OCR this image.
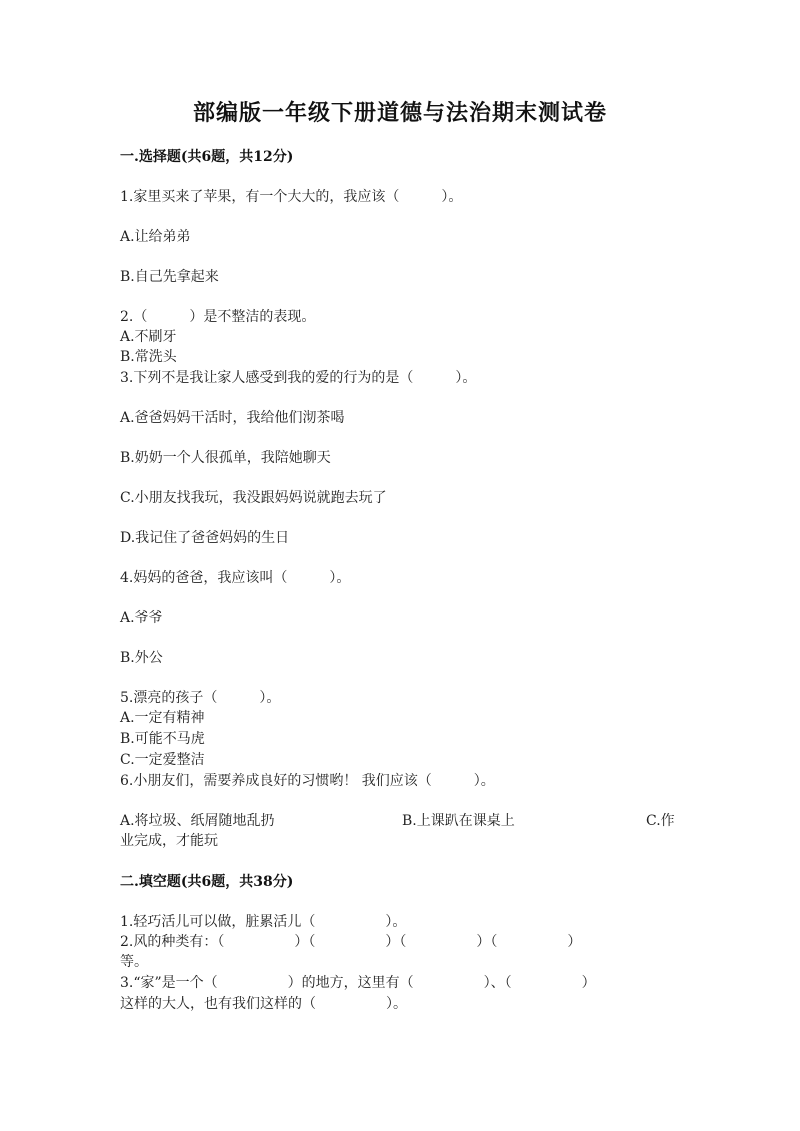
部编版一年级下册道德与法治期末测试卷

一.选择题(共6题，共12分)

1.家里买来了苹果，有一个大大的，我应该（　　　）。

A.让给弟弟

B.自己先拿起来

2.（　　　）是不整洁的表现。

A.不刷牙

B.常洗头

3.下列不是我让家人感受到我的爱的行为的是（　　　）。

A.爸爸妈妈干活时，我给他们沏茶喝

B.奶奶一个人很孤单，我陪她聊天

C.小朋友找我玩，我没跟妈妈说就跑去玩了

D.我记住了爸爸妈妈的生日

4.妈妈的爸爸，我应该叫（　　　）。

A.爷爷

B.外公

5.漂亮的孩子（　　　）。

A.一定有精神

B.可能不马虎

C.一定爱整洁

6.小朋友们，需要养成良好的习惯哟！ 我们应该（　　　）。

A.将垃圾、纸屑随地乱扔	B.上课趴在课桌上	C.作

业完成，才能玩

二.填空题(共6题，共38分)

1.轻巧活儿可以做，脏累活儿（　　　　　）。

2.风的种类有：（　　　　　）（　　　　　）（　　　　　）（　　　　　）

等。

3.“家”是一个（　　　　　）的地方，这里有（　　　　　）、（　　　　　）

这样的大人，也有我们这样的（　　　　　）。
